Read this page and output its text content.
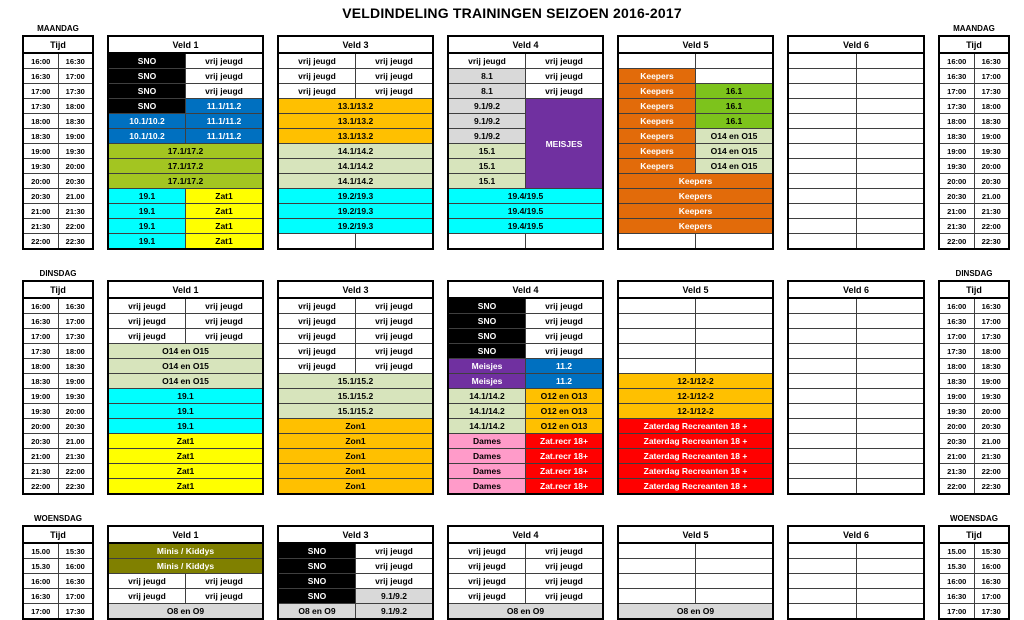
VELDINDELING TRAININGEN SEIZOEN 2016-2017
MAANDAG
Tijd	
16:00	16:30
16:30	17:00
17:00	17:30
17:30	18:00
18:00	18:30
18:30	19:00
19:00	19:30
19:30	20:00
20:00	20:30
20:30	21.00
21:00	21:30
21:30	22:00
22:00	22:30
Veld 1	
SNO	vrij jeugd
SNO	vrij jeugd
SNO	vrij jeugd
SNO	11.1/11.2
10.1/10.2	11.1/11.2
10.1/10.2	11.1/11.2
17.1/17.2	
17.1/17.2	
17.1/17.2	
19.1	Zat1
19.1	Zat1
19.1	Zat1
19.1	Zat1
Veld 3	
vrij jeugd	vrij jeugd
vrij jeugd	vrij jeugd
vrij jeugd	vrij jeugd
13.1/13.2	
13.1/13.2	
13.1/13.2	
14.1/14.2	
14.1/14.2	
14.1/14.2	
19.2/19.3	
19.2/19.3	
19.2/19.3	

Veld 4	
vrij jeugd	vrij jeugd
8.1	vrij jeugd
8.1	vrij jeugd
9.1/9.2	MEISJES
9.1/9.2	
9.1/9.2	
15.1	
15.1	
15.1	
19.4/19.5	
19.4/19.5	
19.4/19.5	

Veld 5	

Keepers	
Keepers	16.1
Keepers	16.1
Keepers	16.1
Keepers	O14 en O15
Keepers	O14 en O15
Keepers	O14 en O15
Keepers	
Keepers	
Keepers	
Keepers	

Veld 6	

MAANDAG
Tijd	
16:00	16:30
16:30	17:00
17:00	17:30
17:30	18:00
18:00	18:30
18:30	19:00
19:00	19:30
19:30	20:00
20:00	20:30
20:30	21.00
21:00	21:30
21:30	22:00
22:00	22:30
DINSDAG
Tijd	
16:00	16:30
16:30	17:00
17:00	17:30
17:30	18:00
18:00	18:30
18:30	19:00
19:00	19:30
19:30	20:00
20:00	20:30
20:30	21.00
21:00	21:30
21:30	22:00
22:00	22:30
Veld 1	
vrij jeugd	vrij jeugd
vrij jeugd	vrij jeugd
vrij jeugd	vrij jeugd
O14 en O15	
O14 en O15	
O14 en O15	
19.1	
19.1	
19.1	
Zat1	
Zat1	
Zat1	
Zat1	
Veld 3	
vrij jeugd	vrij jeugd
vrij jeugd	vrij jeugd
vrij jeugd	vrij jeugd
vrij jeugd	vrij jeugd
vrij jeugd	vrij jeugd
15.1/15.2	
15.1/15.2	
15.1/15.2	
Zon1	
Zon1	
Zon1	
Zon1	
Zon1	
Veld 4	
SNO	vrij jeugd
SNO	vrij jeugd
SNO	vrij jeugd
SNO	vrij jeugd
Meisjes	11.2
Meisjes	11.2
14.1/14.2	O12 en O13
14.1/14.2	O12 en O13
14.1/14.2	O12 en O13
Dames	Zat.recr 18+
Dames	Zat.recr 18+
Dames	Zat.recr 18+
Dames	Zat.recr 18+
Veld 5	

12-1/12-2	
12-1/12-2	
12-1/12-2	
Zaterdag Recreanten 18 +	
Zaterdag Recreanten 18 +	
Zaterdag Recreanten 18 +	
Zaterdag Recreanten 18 +	
Zaterdag Recreanten 18 +	
Veld 6	

DINSDAG
Tijd	
16:00	16:30
16:30	17:00
17:00	17:30
17:30	18:00
18:00	18:30
18:30	19:00
19:00	19:30
19:30	20:00
20:00	20:30
20:30	21.00
21:00	21:30
21:30	22:00
22:00	22:30
WOENSDAG
Tijd	
15.00	15:30
15.30	16:00
16:00	16:30
16:30	17:00
17:00	17:30
Veld 1	
Minis / Kiddys	
Minis / Kiddys	
vrij jeugd	vrij jeugd
vrij jeugd	vrij jeugd
O8 en O9	
Veld 3	
SNO	vrij jeugd
SNO	vrij jeugd
SNO	vrij jeugd
SNO	9.1/9.2
O8 en O9	9.1/9.2
Veld 4	
vrij jeugd	vrij jeugd
vrij jeugd	vrij jeugd
vrij jeugd	vrij jeugd
vrij jeugd	vrij jeugd
O8 en O9	
Veld 5	

O8 en O9	
Veld 6	

WOENSDAG
Tijd	
15.00	15:30
15.30	16:00
16:00	16:30
16:30	17:00
17:00	17:30
